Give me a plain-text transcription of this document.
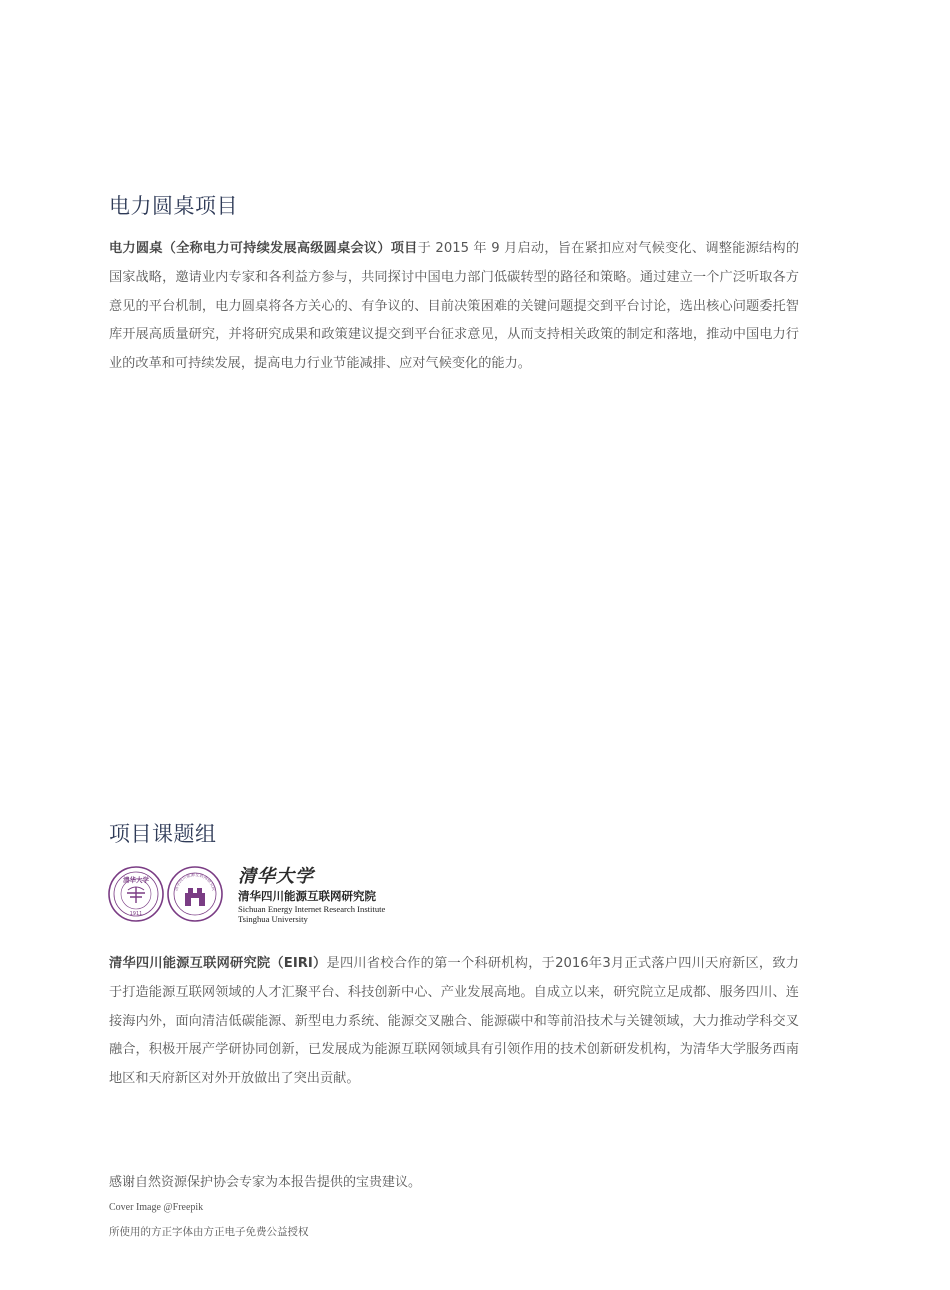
电力圆桌项目

电力圆桌（全称电力可持续发展高级圆桌会议）项目于 2015 年 9 月启动，旨在紧扣应对气候变化、调整能源结构的国家战略，邀请业内专家和各利益方参与，共同探讨中国电力部门低碳转型的路径和策略。通过建立一个广泛听取各方意见的平台机制，电力圆桌将各方关心的、有争议的、目前决策困难的关键问题提交到平台讨论，选出核心问题委托智库开展高质量研究，并将研究成果和政策建议提交到平台征求意见，从而支持相关政策的制定和落地，推动中国电力行业的改革和可持续发展，提高电力行业节能减排、应对气候变化的能力。

项目课题组
清华大学
1911
清华四川能源互联网研究院
清华大学
清华四川能源互联网研究院
Sichuan Energy Internet Research Institute
Tsinghua University

清华四川能源互联网研究院（EIRI）是四川省校合作的第一个科研机构，于2016年3月正式落户四川天府新区，致力于打造能源互联网领域的人才汇聚平台、科技创新中心、产业发展高地。自成立以来，研究院立足成都、服务四川、连接海内外，面向清洁低碳能源、新型电力系统、能源交叉融合、能源碳中和等前沿技术与关键领域，大力推动学科交叉融合，积极开展产学研协同创新，已发展成为能源互联网领域具有引领作用的技术创新研发机构，为清华大学服务西南地区和天府新区对外开放做出了突出贡献。

感谢自然资源保护协会专家为本报告提供的宝贵建议。

Cover Image @Freepik

所使用的方正字体由方正电子免费公益授权
